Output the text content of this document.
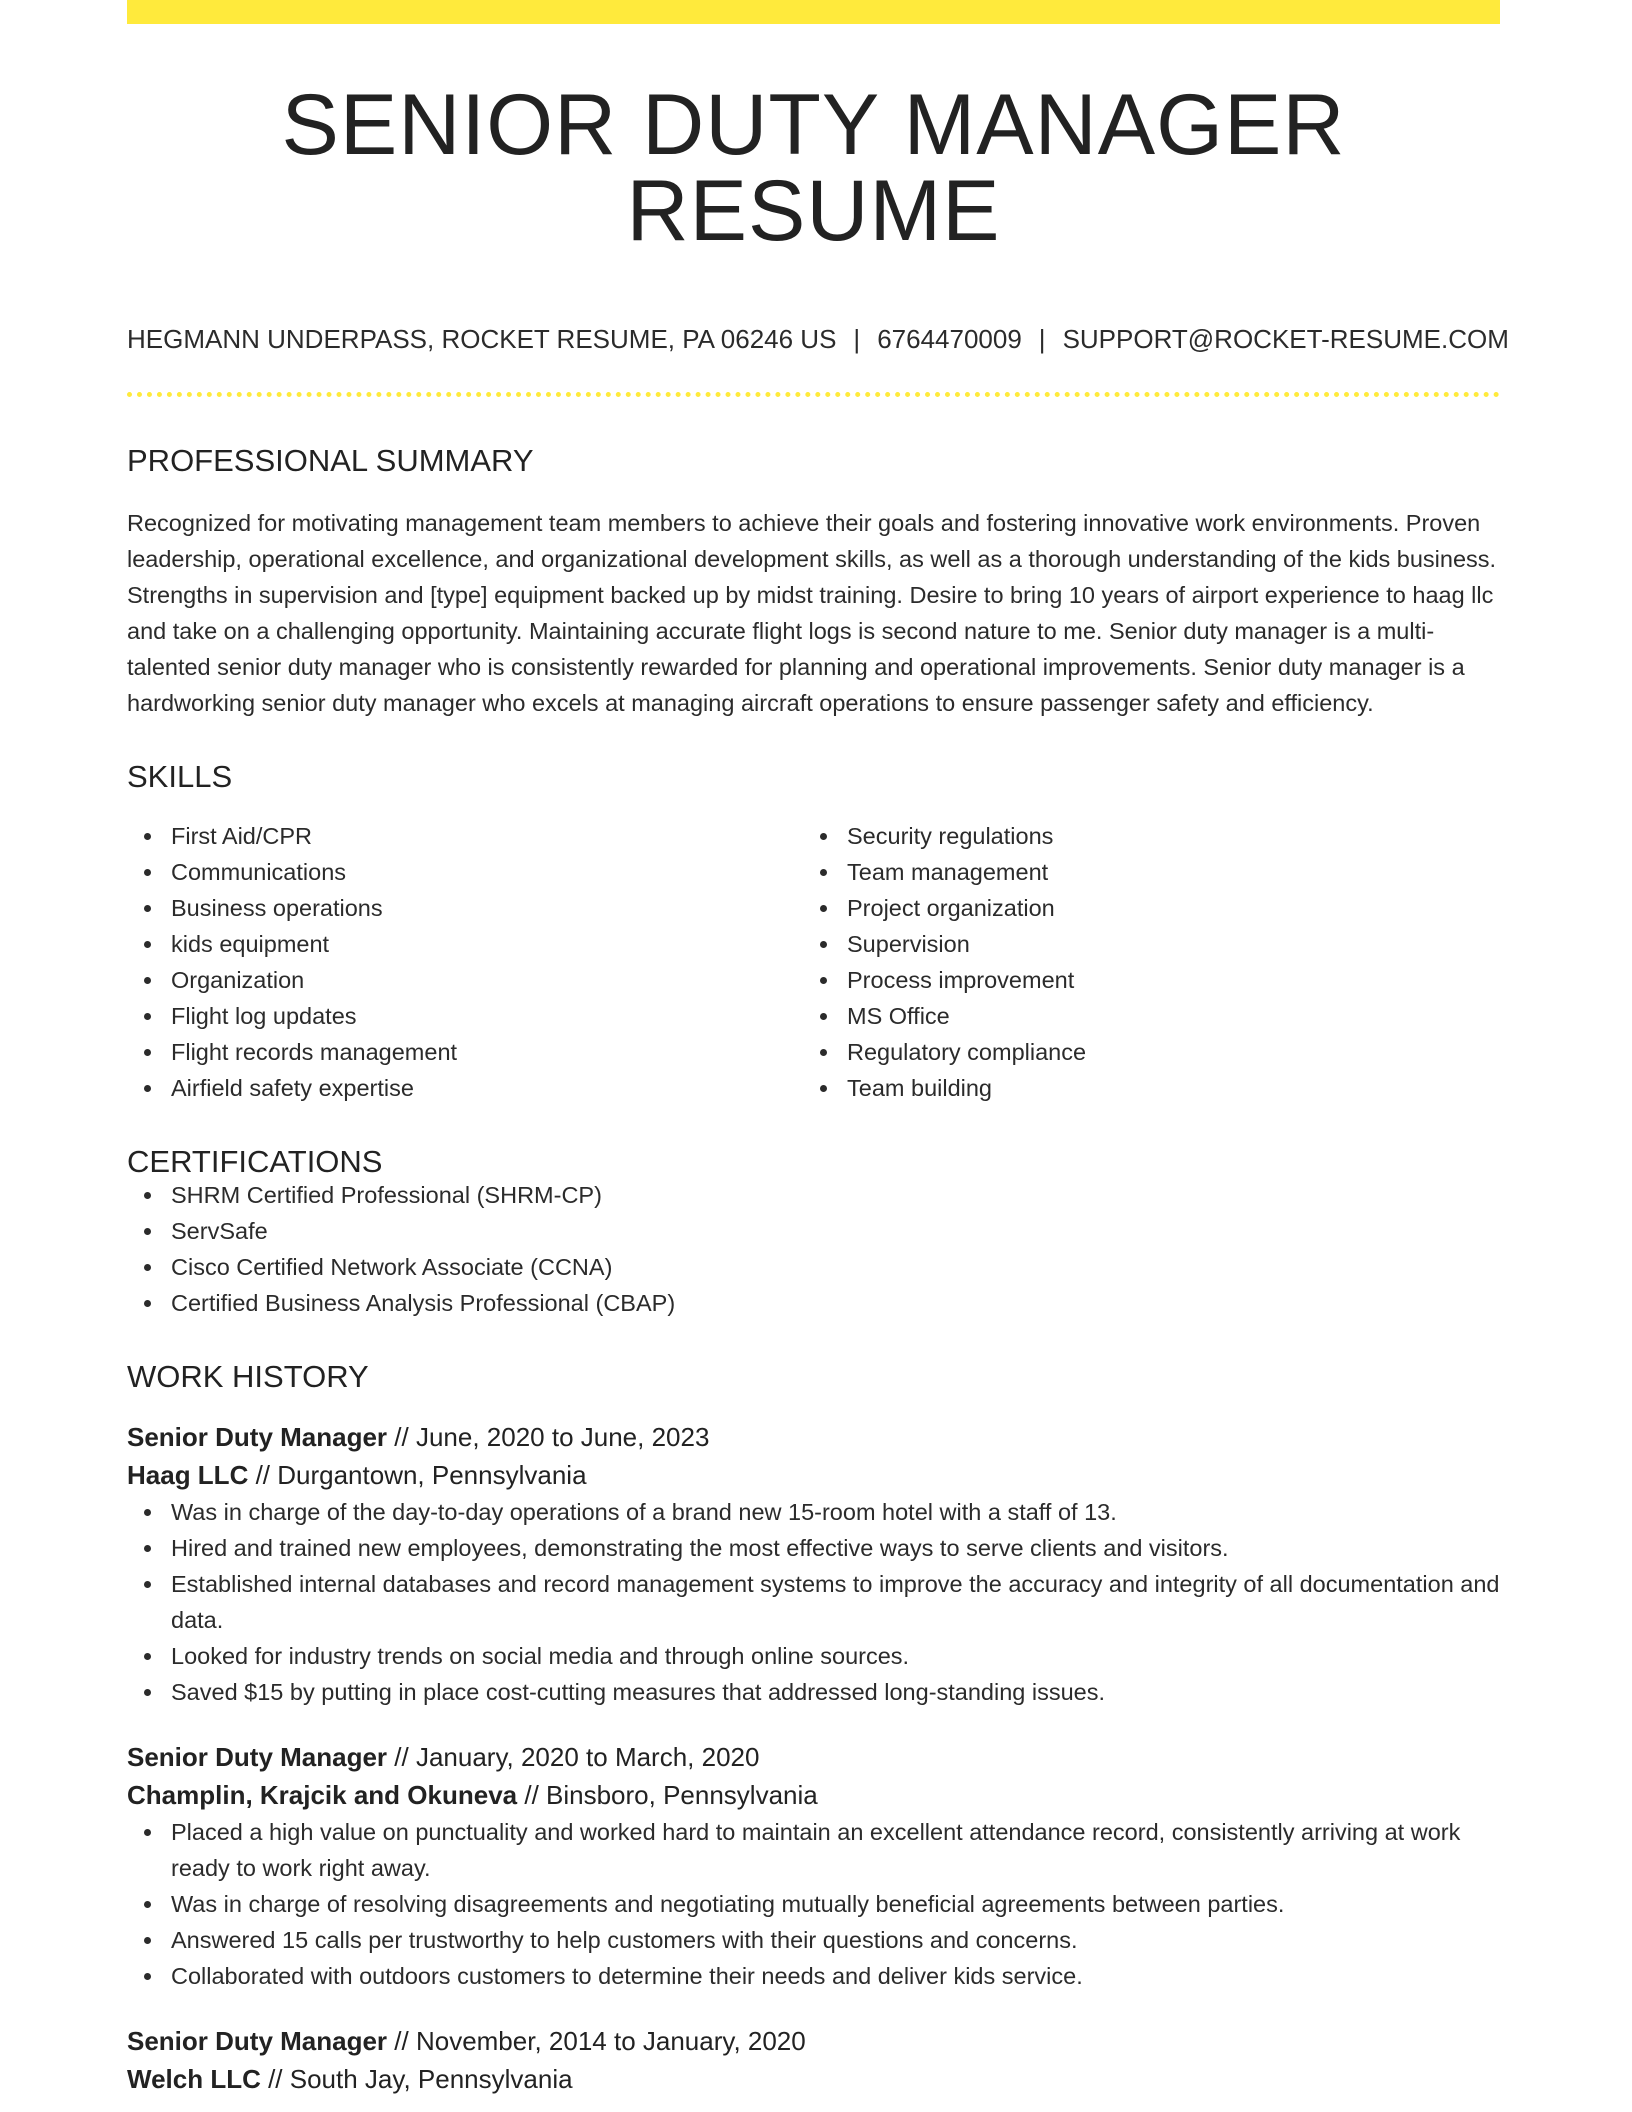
SENIOR DUTY MANAGER RESUME
HEGMANN UNDERPASS, ROCKET RESUME, PA 06246 US | 6764470009 | SUPPORT@ROCKET-RESUME.COM
PROFESSIONAL SUMMARY

Recognized for motivating management team members to achieve their goals and fostering innovative work environments. Proven leadership, operational excellence, and organizational development skills, as well as a thorough understanding of the kids business. Strengths in supervision and [type] equipment backed up by midst training. Desire to bring 10 years of airport experience to haag llc and take on a challenging opportunity. Maintaining accurate flight logs is second nature to me. Senior duty manager is a multi-talented senior duty manager who is consistently rewarded for planning and operational improvements. Senior duty manager is a hardworking senior duty manager who excels at managing aircraft operations to ensure passenger safety and efficiency.

SKILLS
First Aid/CPR
Communications
Business operations
kids equipment
Organization
Flight log updates
Flight records management
Airfield safety expertise
Security regulations
Team management
Project organization
Supervision
Process improvement
MS Office
Regulatory compliance
Team building
CERTIFICATIONS
SHRM Certified Professional (SHRM-CP)
ServSafe
Cisco Certified Network Associate (CCNA)
Certified Business Analysis Professional (CBAP)
WORK HISTORY
Senior Duty Manager // June, 2020 to June, 2023
Haag LLC // Durgantown, Pennsylvania
Was in charge of the day-to-day operations of a brand new 15-room hotel with a staff of 13.
Hired and trained new employees, demonstrating the most effective ways to serve clients and visitors.
Established internal databases and record management systems to improve the accuracy and integrity of all documentation and data.
Looked for industry trends on social media and through online sources.
Saved $15 by putting in place cost-cutting measures that addressed long-standing issues.
Senior Duty Manager // January, 2020 to March, 2020
Champlin, Krajcik and Okuneva // Binsboro, Pennsylvania
Placed a high value on punctuality and worked hard to maintain an excellent attendance record, consistently arriving at work ready to work right away.
Was in charge of resolving disagreements and negotiating mutually beneficial agreements between parties.
Answered 15 calls per trustworthy to help customers with their questions and concerns.
Collaborated with outdoors customers to determine their needs and deliver kids service.
Senior Duty Manager // November, 2014 to January, 2020
Welch LLC // South Jay, Pennsylvania
